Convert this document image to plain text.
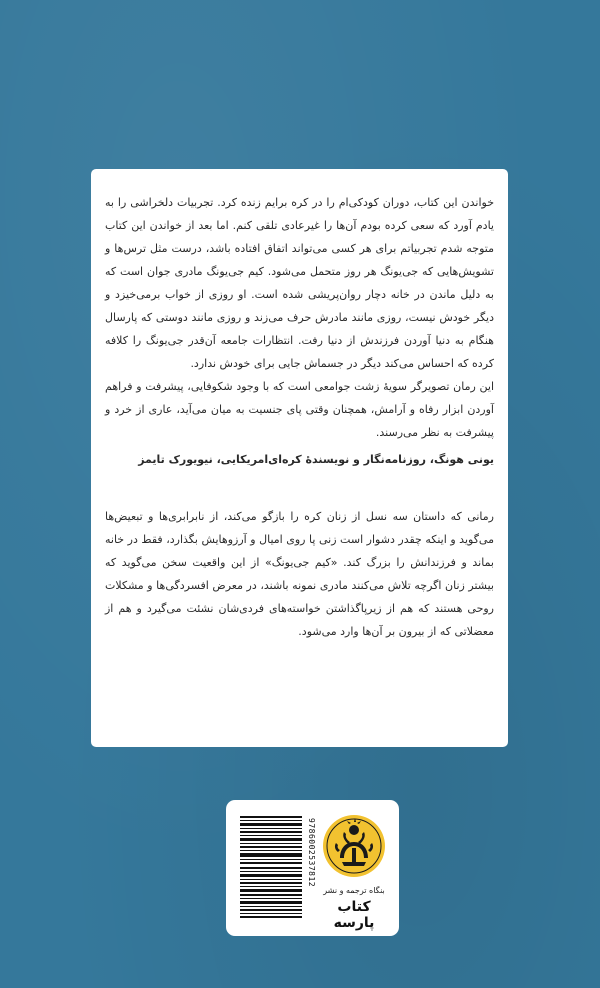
خواندن این کتاب، دوران کودکی‌ام را در کره برایم زنده کرد. تجربیات دلخراشی را به یادم آورد که سعی کرده بودم آن‌ها را غیرعادی تلقی کنم. اما بعد از خواندن این کتاب متوجه شدم تجربیاتم برای هر کسی می‌تواند اتفاق افتاده باشد، درست مثل ترس‌ها و تشویش‌هایی که جی‌یونگ هر روز متحمل می‌شود. کیم جی‌یونگ مادری جوان است که به دلیل ماندن در خانه دچار روان‌پریشی شده است. او روزی از خواب برمی‌خیزد و دیگر خودش نیست، روزی مانند مادرش حرف می‌زند و روزی مانند دوستی که پارسال هنگام به دنیا آوردن فرزندش از دنیا رفت. انتظارات جامعه آن‌قدر جی‌یونگ را کلافه کرده که احساس می‌کند دیگر در جسماش جایی برای خودش ندارد.

این رمان تصویرگر سویهٔ زشت جوامعی است که با وجود شکوفایی، پیشرفت و فراهم آوردن ابزار رفاه و آرامش، همچنان وقتی پای جنسیت به میان می‌آید، عاری از خرد و پیشرفت به نظر می‌رسند.

یونی هونگ، روزنامه‌نگار و نویسندهٔ کره‌ای‌امریکایی، نیویورک تایمز

رمانی که داستان سه نسل از زنان کره را بازگو می‌کند، از نابرابری‌ها و تبعیض‌ها می‌گوید و اینکه چقدر دشوار است زنی پا روی امیال و آرزوهایش بگذارد، فقط در خانه بماند و فرزندانش را بزرگ کند. «کیم جی‌یونگ» از این واقعیت سخن می‌گوید که بیشتر زنان اگرچه تلاش می‌کنند مادری نمونه باشند، در معرض افسردگی‌ها و مشکلات روحی هستند که هم از زیرپاگذاشتن خواسته‌های فردی‌شان نشئت می‌گیرد و هم از معضلاتی که از بیرون بر آن‌ها وارد می‌شود.

9786002537812
بنگاه ترجمه و نشر
کتاب پارسه
